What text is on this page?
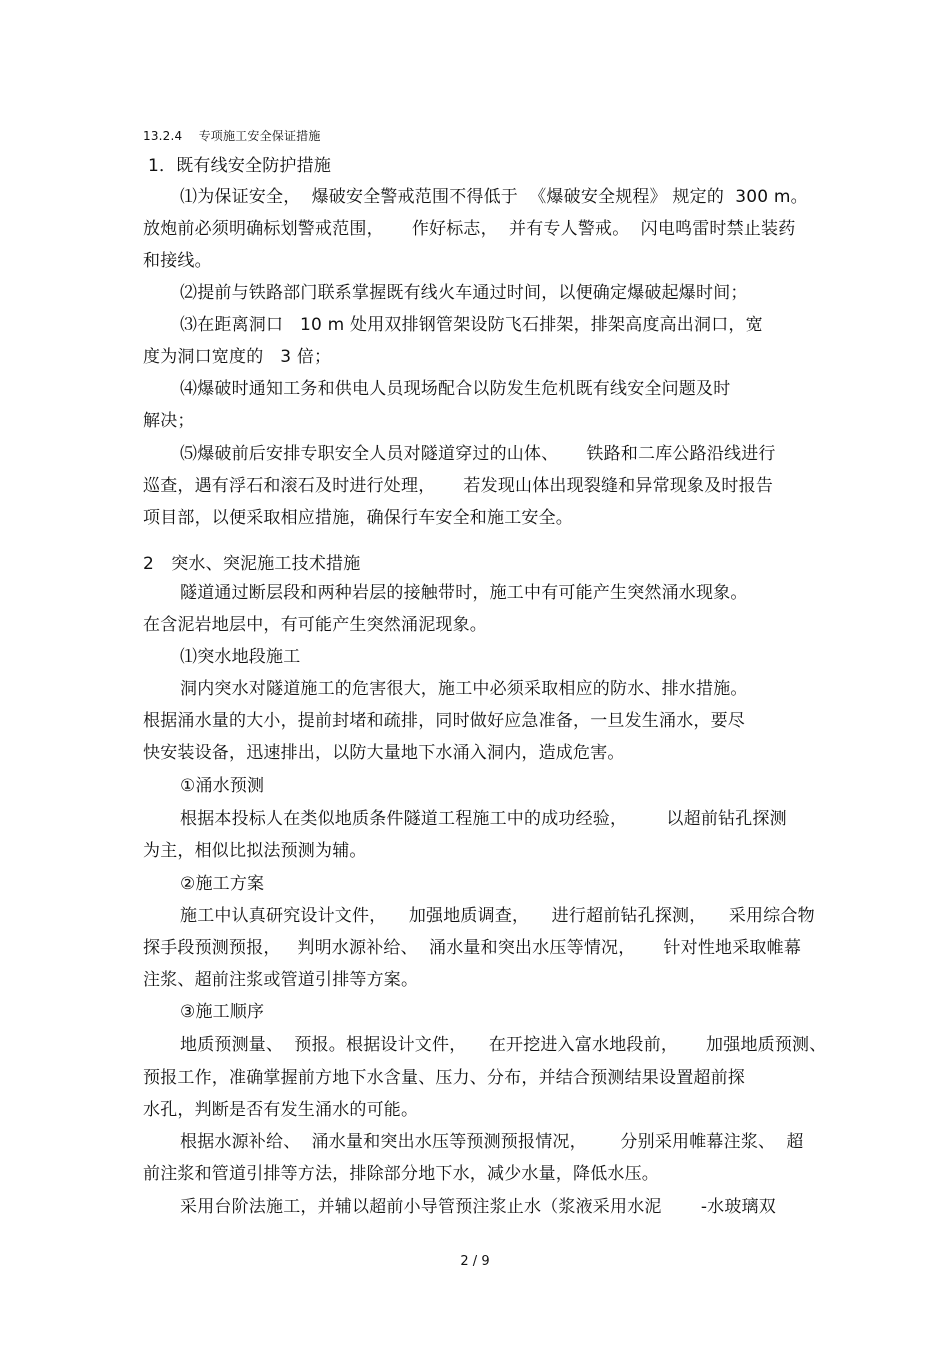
13.2.4　 专项施工安全保证措施
1．既有线安全防护措施
⑴为保证安全，  爆破安全警戒范围不得低于  《爆破安全规程》 规定的  300 m。
放炮前必须明确标划警戒范围，     作好标志，  并有专人警戒。  闪电鸣雷时禁止装药
和接线。
⑵提前与铁路部门联系掌握既有线火车通过时间，以便确定爆破起爆时间；
⑶在距离洞口   10 m 处用双排钢管架设防飞石排架，排架高度高出洞口，宽
度为洞口宽度的   3 倍；
⑷爆破时通知工务和供电人员现场配合以防发生危机既有线安全问题及时
解决；
⑸爆破前后安排专职安全人员对隧道穿过的山体、     铁路和二库公路沿线进行
巡查，遇有浮石和滚石及时进行处理，     若发现山体出现裂缝和异常现象及时报告
项目部，以便采取相应措施，确保行车安全和施工安全。
2　突水、突泥施工技术措施
隧道通过断层段和两种岩层的接触带时，施工中有可能产生突然涌水现象。
在含泥岩地层中，有可能产生突然涌泥现象。
⑴突水地段施工
洞内突水对隧道施工的危害很大，施工中必须采取相应的防水、排水措施。
根据涌水量的大小，提前封堵和疏排，同时做好应急准备，一旦发生涌水，要尽
快安装设备，迅速排出，以防大量地下水涌入洞内，造成危害。
①涌水预测
根据本投标人在类似地质条件隧道工程施工中的成功经验，       以超前钻孔探测
为主，相似比拟法预测为辅。
②施工方案
施工中认真研究设计文件，    加强地质调查，    进行超前钻孔探测，    采用综合物
探手段预测预报，   判明水源补给、  涌水量和突出水压等情况，     针对性地采取帷幕
注浆、超前注浆或管道引排等方案。
③施工顺序
地质预测量、  预报。根据设计文件，    在开挖进入富水地段前，     加强地质预测、
预报工作，准确掌握前方地下水含量、压力、分布，并结合预测结果设置超前探
水孔，判断是否有发生涌水的可能。
根据水源补给、  涌水量和突出水压等预测预报情况，      分别采用帷幕注浆、  超
前注浆和管道引排等方法，排除部分地下水，减少水量，降低水压。
采用台阶法施工，并辅以超前小导管预注浆止水（浆液采用水泥       -水玻璃双
2 / 9
